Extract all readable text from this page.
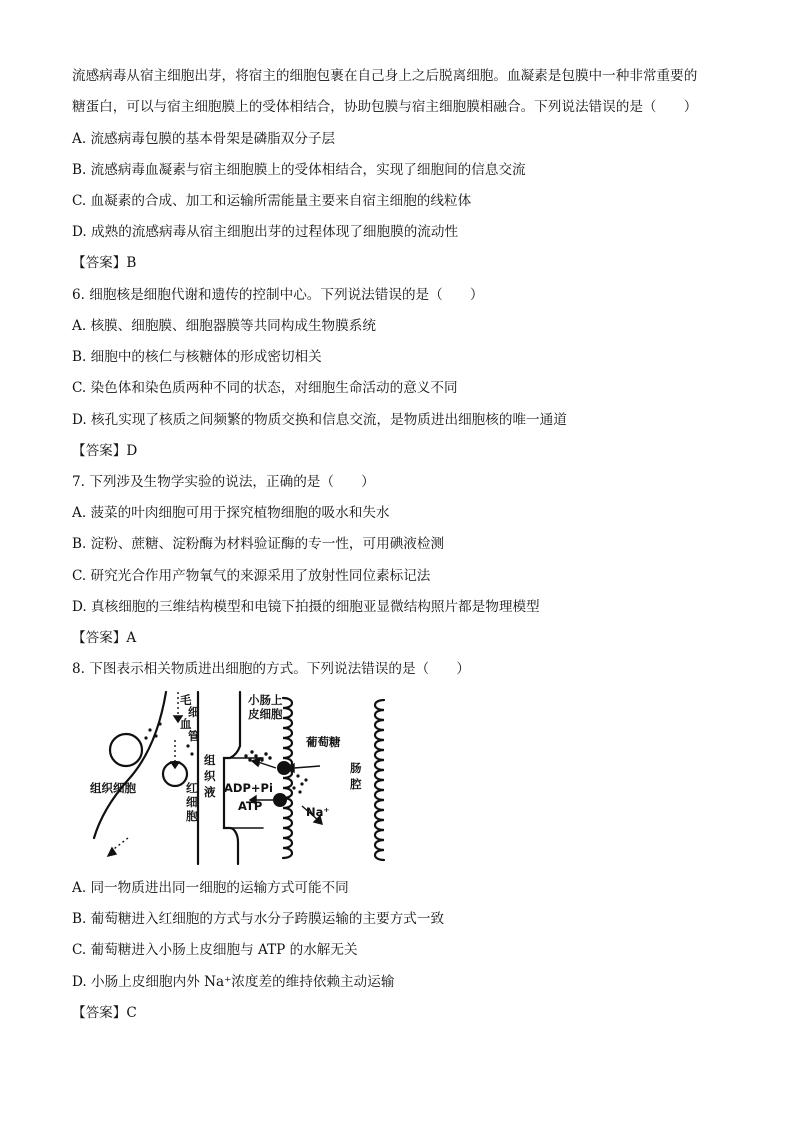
流感病毒从宿主细胞出芽，将宿主的细胞包裹在自己身上之后脱离细胞。血凝素是包膜中一种非常重要的
糖蛋白，可以与宿主细胞膜上的受体相结合，协助包膜与宿主细胞膜相融合。下列说法错误的是（　　）
A. 流感病毒包膜的基本骨架是磷脂双分子层
B. 流感病毒血凝素与宿主细胞膜上的受体相结合，实现了细胞间的信息交流
C. 血凝素的合成、加工和运输所需能量主要来自宿主细胞的线粒体
D. 成熟的流感病毒从宿主细胞出芽的过程体现了细胞膜的流动性
【答案】B
6. 细胞核是细胞代谢和遗传的控制中心。下列说法错误的是（　　）
A. 核膜、细胞膜、细胞器膜等共同构成生物膜系统
B. 细胞中的核仁与核糖体的形成密切相关
C. 染色体和染色质两种不同的状态，对细胞生命活动的意义不同
D. 核孔实现了核质之间频繁的物质交换和信息交流，是物质进出细胞核的唯一通道
【答案】D
7. 下列涉及生物学实验的说法，正确的是（　　）
A. 菠菜的叶肉细胞可用于探究植物细胞的吸水和失水
B. 淀粉、蔗糖、淀粉酶为材料验证酶的专一性，可用碘液检测
C. 研究光合作用产物氧气的来源采用了放射性同位素标记法
D. 真核细胞的三维结构模型和电镜下拍摄的细胞亚显微结构照片都是物理模型
【答案】A
8. 下图表示相关物质进出细胞的方式。下列说法错误的是（　　）
毛
细
血
管
小肠上
皮细胞
葡萄糖
肠
腔
组
织
液 ADP+Pi
ATP	Na⁺
组织细胞	红
细
胞
A. 同一物质进出同一细胞的运输方式可能不同
B. 葡萄糖进入红细胞的方式与水分子跨膜运输的主要方式一致
C. 葡萄糖进入小肠上皮细胞与 ATP 的水解无关
D. 小肠上皮细胞内外 Na⁺浓度差的维持依赖主动运输
【答案】C
